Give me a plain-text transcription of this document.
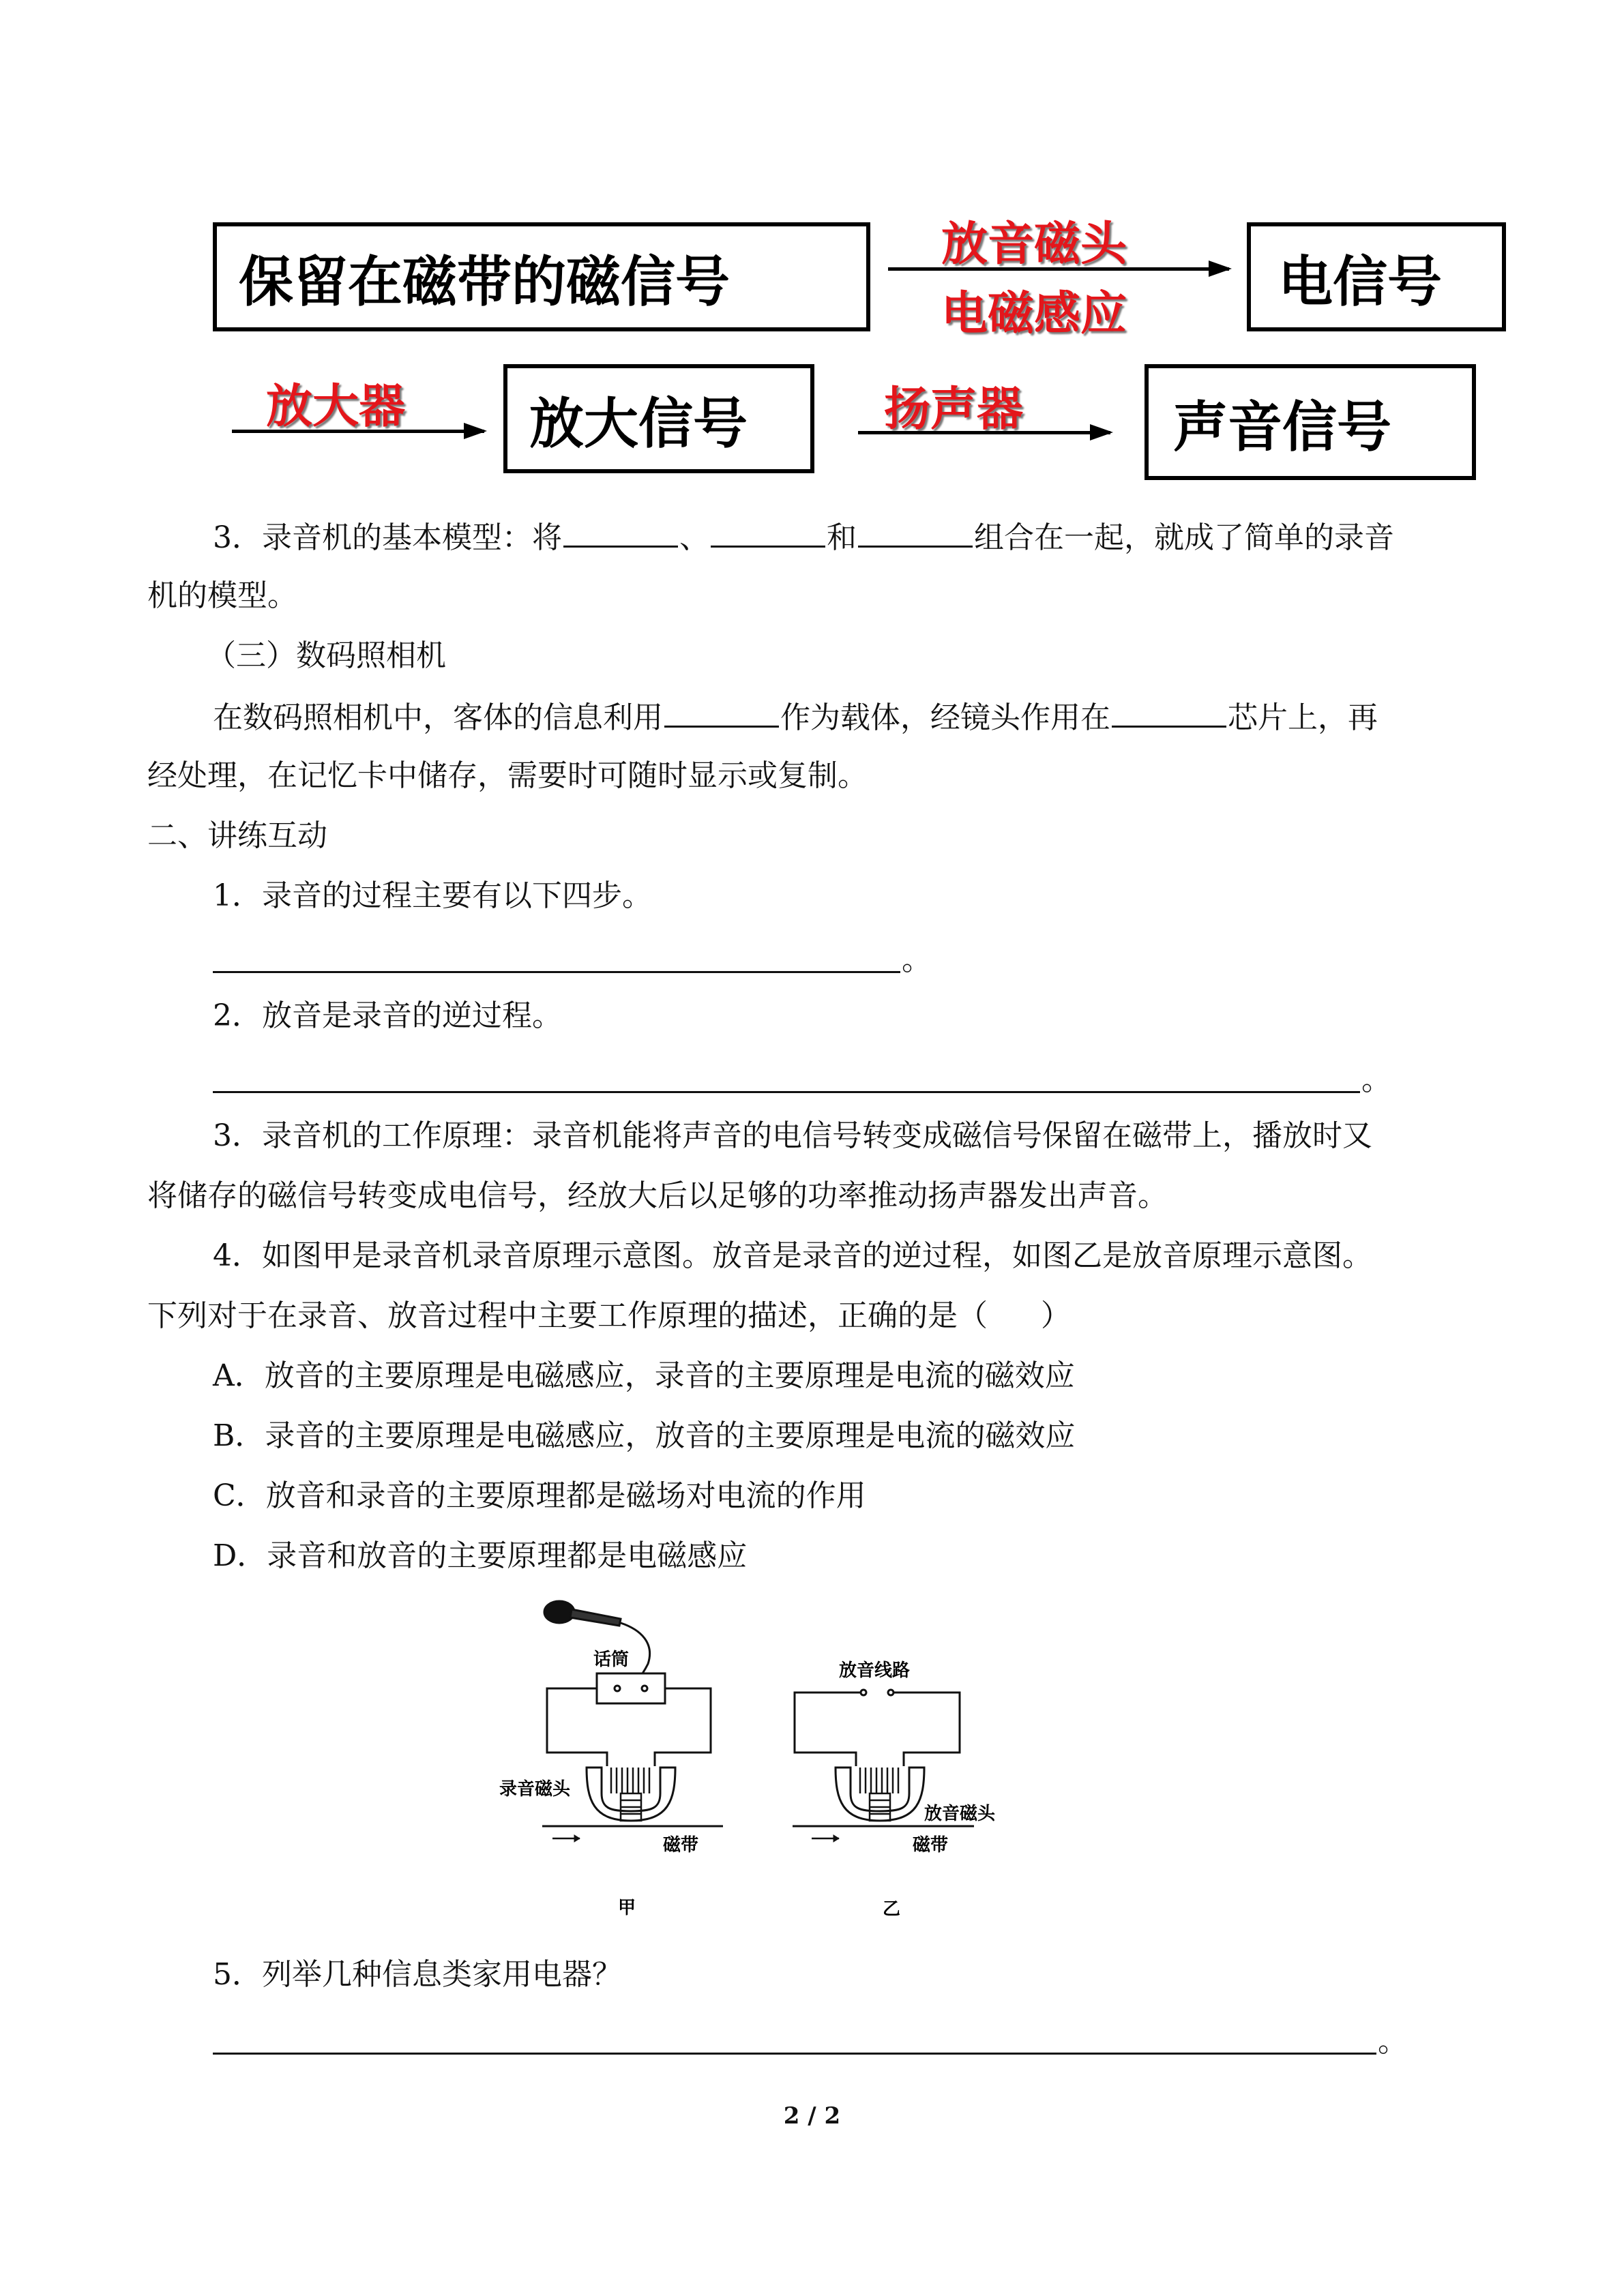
保留在磁带的磁信号
放音磁头
电磁感应
电信号
放大器 放大信号	扬声器	声音信号
3．录音机的基本模型：将	、	和	组合在一起，就成了简单的录音
机的模型。
（三）数码照相机
在数码照相机中，客体的信息利用	作为载体，经镜头作用在	芯片上，再
经处理，在记忆卡中储存，需要时可随时显示或复制。
二、讲练互动
1．录音的过程主要有以下四步。
。
2．放音是录音的逆过程。
。
3．录音机的工作原理：录音机能将声音的电信号转变成磁信号保留在磁带上，播放时又
将储存的磁信号转变成电信号，经放大后以足够的功率推动扬声器发出声音。
4．如图甲是录音机录音原理示意图。放音是录音的逆过程，如图乙是放音原理示意图。
下列对于在录音、放音过程中主要工作原理的描述，正确的是（ ）
A．放音的主要原理是电磁感应，录音的主要原理是电流的磁效应
B．录音的主要原理是电磁感应，放音的主要原理是电流的磁效应
C．放音和录音的主要原理都是磁场对电流的作用
D．录音和放音的主要原理都是电磁感应
话筒
录音磁头
磁带
甲
放音线路
放音磁头
磁带
乙
5．列举几种信息类家用电器？
。
2 / 2
